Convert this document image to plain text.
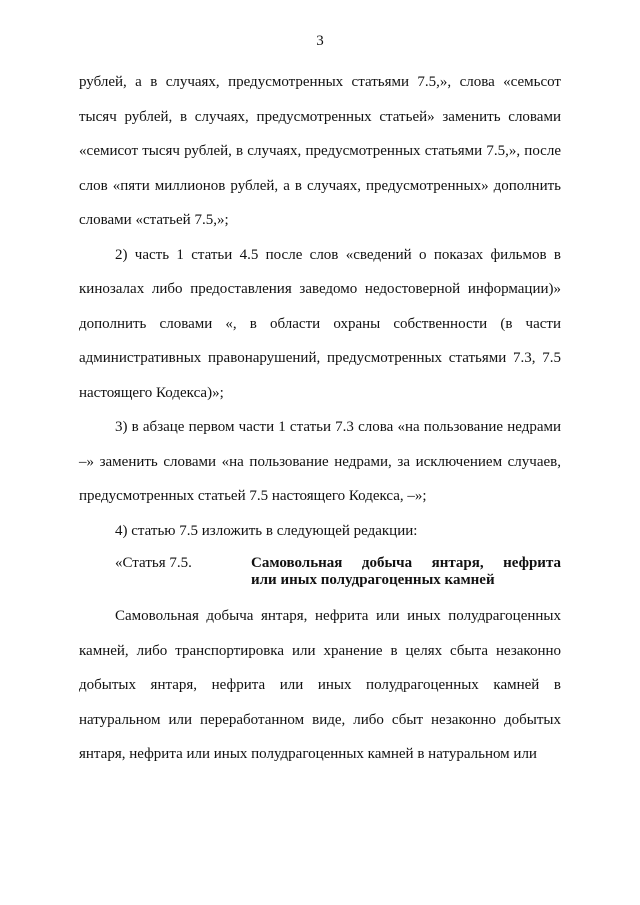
3

рублей, а в случаях, предусмотренных статьями 7.5,», слова «семьсот тысяч рублей, в случаях, предусмотренных статьей» заменить словами «семисот тысяч рублей, в случаях, предусмотренных статьями 7.5,», после слов «пяти миллионов рублей, а в случаях, предусмотренных» дополнить словами «статьей 7.5,»;

2) часть 1 статьи 4.5 после слов «сведений о показах фильмов в кинозалах либо предоставления заведомо недостоверной информации)» дополнить словами «, в области охраны собственности (в части административных правонарушений, предусмотренных статьями 7.3, 7.5 настоящего Кодекса)»;

3) в абзаце первом части 1 статьи 7.3 слова «на пользование недрами –» заменить словами «на пользование недрами, за исключением случаев, предусмотренных статьей 7.5 настоящего Кодекса, –»;

4) статью 7.5 изложить в следующей редакции:

«Статья 7.5.	Самовольная добыча янтаря, нефрита
или иных полудрагоценных камней

Самовольная добыча янтаря, нефрита или иных полудрагоценных камней, либо транспортировка или хранение в целях сбыта незаконно добытых янтаря, нефрита или иных полудрагоценных камней в натуральном или переработанном виде, либо сбыт незаконно добытых янтаря, нефрита или иных полудрагоценных камней в натуральном или
